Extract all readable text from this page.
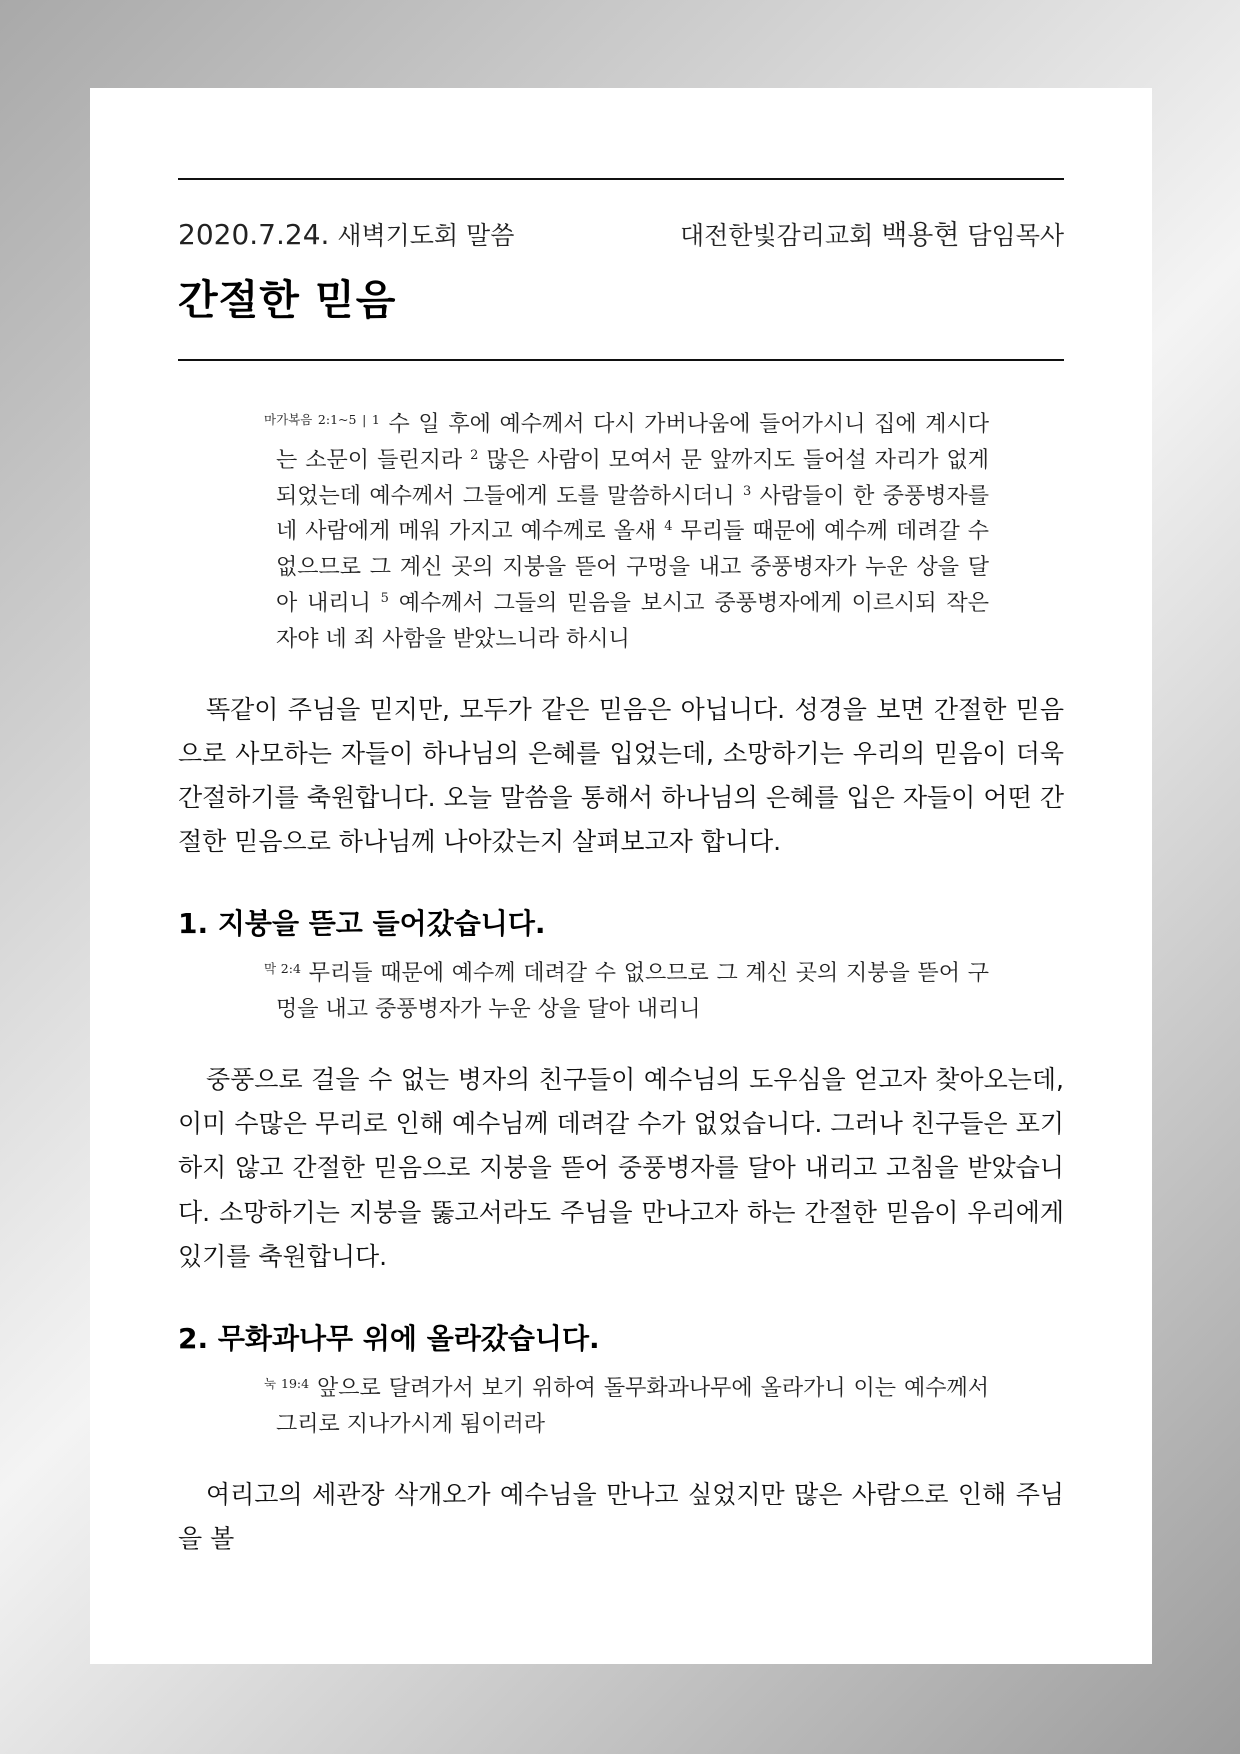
2020.7.24. 새벽기도회 말씀	대전한빛감리교회 백용현 담임목사
간절한 믿음
$^{마가복음 2:1\sim 5 | 1}$ 수 일 후에 예수께서 다시 가버나움에 들어가시니 집에 계시다는 소문이 들린지라 $^2$ 많은 사람이 모여서 문 앞까지도 들어설 자리가 없게 되었는데 예수께서 그들에게 도를 말씀하시더니 $^3$ 사람들이 한 중풍병자를 네 사람에게 메워 가지고 예수께로 올새 $^4$ 무리들 때문에 예수께 데려갈 수 없으므로 그 계신 곳의 지붕을 뜯어 구멍을 내고 중풍병자가 누운 상을 달아 내리니 $^5$ 예수께서 그들의 믿음을 보시고 중풍병자에게 이르시되 작은 자야 네 죄 사함을 받았느니라 하시니

똑같이 주님을 믿지만, 모두가 같은 믿음은 아닙니다. 성경을 보면 간절한 믿음으로 사모하는 자들이 하나님의 은혜를 입었는데, 소망하기는 우리의 믿음이 더욱 간절하기를 축원합니다. 오늘 말씀을 통해서 하나님의 은혜를 입은 자들이 어떤 간절한 믿음으로 하나님께 나아갔는지 살펴보고자 합니다.

1. 지붕을 뜯고 들어갔습니다.
$^{막 2:4}$ 무리들 때문에 예수께 데려갈 수 없으므로 그 계신 곳의 지붕을 뜯어 구멍을 내고 중풍병자가 누운 상을 달아 내리니

중풍으로 걸을 수 없는 병자의 친구들이 예수님의 도우심을 얻고자 찾아오는데, 이미 수많은 무리로 인해 예수님께 데려갈 수가 없었습니다. 그러나 친구들은 포기하지 않고 간절한 믿음으로 지붕을 뜯어 중풍병자를 달아 내리고 고침을 받았습니다. 소망하기는 지붕을 뚫고서라도 주님을 만나고자 하는 간절한 믿음이 우리에게 있기를 축원합니다.

2. 무화과나무 위에 올라갔습니다.
$^{눅 19:4}$ 앞으로 달려가서 보기 위하여 돌무화과나무에 올라가니 이는 예수께서 그리로 지나가시게 됨이러라

여리고의 세관장 삭개오가 예수님을 만나고 싶었지만 많은 사람으로 인해 주님을 볼
